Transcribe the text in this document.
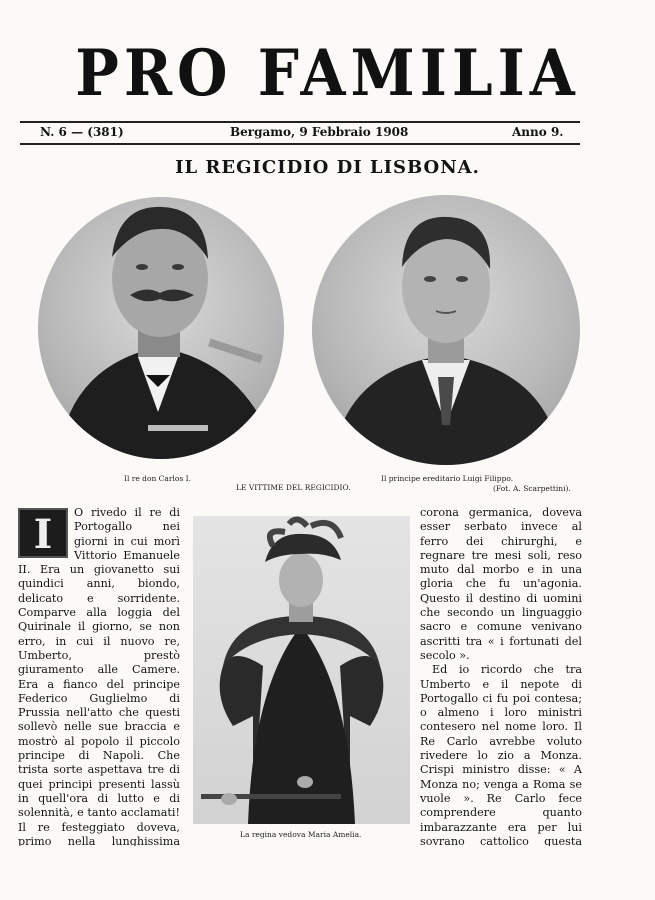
PRO FAMILIA
N. 6 — (381)	Bergamo, 9 Febbraio 1908	Anno 9.
IL REGICIDIO DI LISBONA.
Il re don Carlos I.
LE VITTIME DEL REGICIDIO.
Il principe ereditario Luigi Filippo.
(Fot. A. Scarpettini).
I	O rivedo il re di Portogallo nei giorni in cui morì Vittorio Emanuele II. Era un giovanetto sui quindici anni, biondo, delicato e sorridente. Comparve alla loggia del Quirinale il giorno, se non erro, in cui il nuovo re, Umberto, prestò giuramento alle Camere. Era a fianco del principe Federico Guglielmo di Prussia nell'atto che questi sollevò nelle sue braccia e mostrò al popolo il piccolo principe di Napoli. Che trista sorte aspettava tre di quei principi presenti lassù in quell'ora di lutto e di solennità, e tanto acclamati! Il re festeggiato doveva, primo nella lunghissima
La regina vedova Maria Amelia.
corona germanica, doveva esser serbato invece al ferro dei chirurghi, e regnare tre mesi soli, reso muto dal morbo e in una gloria che fu un'agonia. Questo il destino di uomini che secondo un linguaggio sacro e comune venivano ascritti tra « i fortunati del secolo ».
Ed io ricordo che tra Umberto e il nepote di Portogallo ci fu poi contesa; o almeno i loro ministri contesero nel nome loro. Il Re Carlo avrebbe voluto rivedere lo zio a Monza. Crispi ministro disse: « A Monza no; venga a Roma se vuole ». Re Carlo fece comprendere quanto imbarazzante era per lui sovrano cattolico questa
